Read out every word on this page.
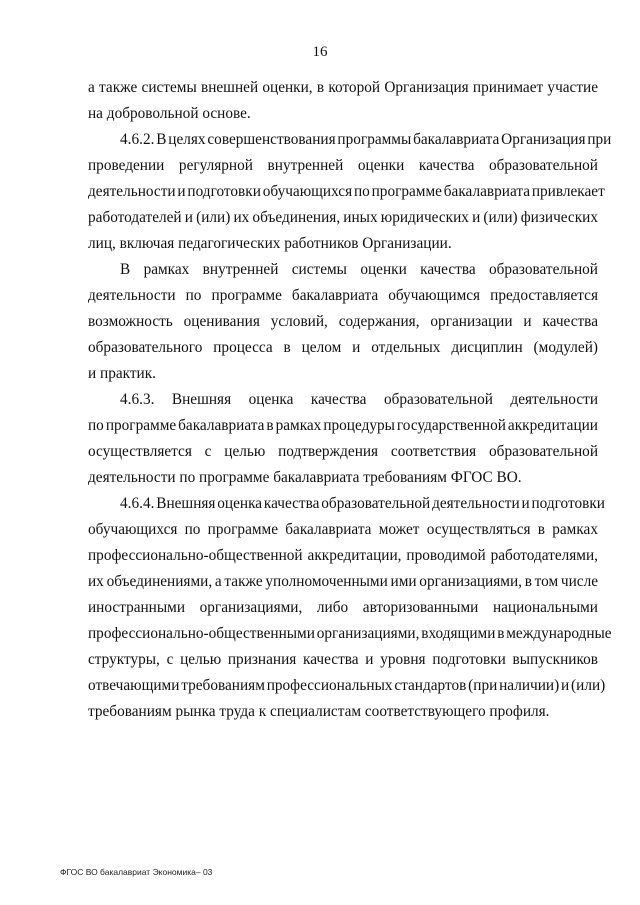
16
а также системы внешней оценки, в которой Организация принимает участие
на добровольной основе.
4.6.2. В целях совершенствования программы бакалавриата Организация при
проведении регулярной внутренней оценки качества образовательной
деятельности и подготовки обучающихся по программе бакалавриата привлекает
работодателей и (или) их объединения, иных юридических и (или) физических
лиц, включая педагогических работников Организации.
В рамках внутренней системы оценки качества образовательной
деятельности по программе бакалавриата обучающимся предоставляется
возможность оценивания условий, содержания, организации и качества
образовательного процесса в целом и отдельных дисциплин (модулей)
и практик.
4.6.3. Внешняя оценка качества образовательной деятельности
по программе бакалавриата в рамках процедуры государственной аккредитации
осуществляется с целью подтверждения соответствия образовательной
деятельности по программе бакалавриата требованиям ФГОС ВО.
4.6.4. Внешняя оценка качества образовательной деятельности и подготовки
обучающихся по программе бакалавриата может осуществляться в рамках
профессионально-общественной аккредитации, проводимой работодателями,
их объединениями, а также уполномоченными ими организациями, в том числе
иностранными организациями, либо авторизованными национальными
профессионально-общественными организациями, входящими в международные
структуры, с целью признания качества и уровня подготовки выпускников
отвечающими требованиям профессиональных стандартов (при наличии) и (или)
требованиям рынка труда к специалистам соответствующего профиля.
ФГОС ВО бакалавриат Экономика– 03
